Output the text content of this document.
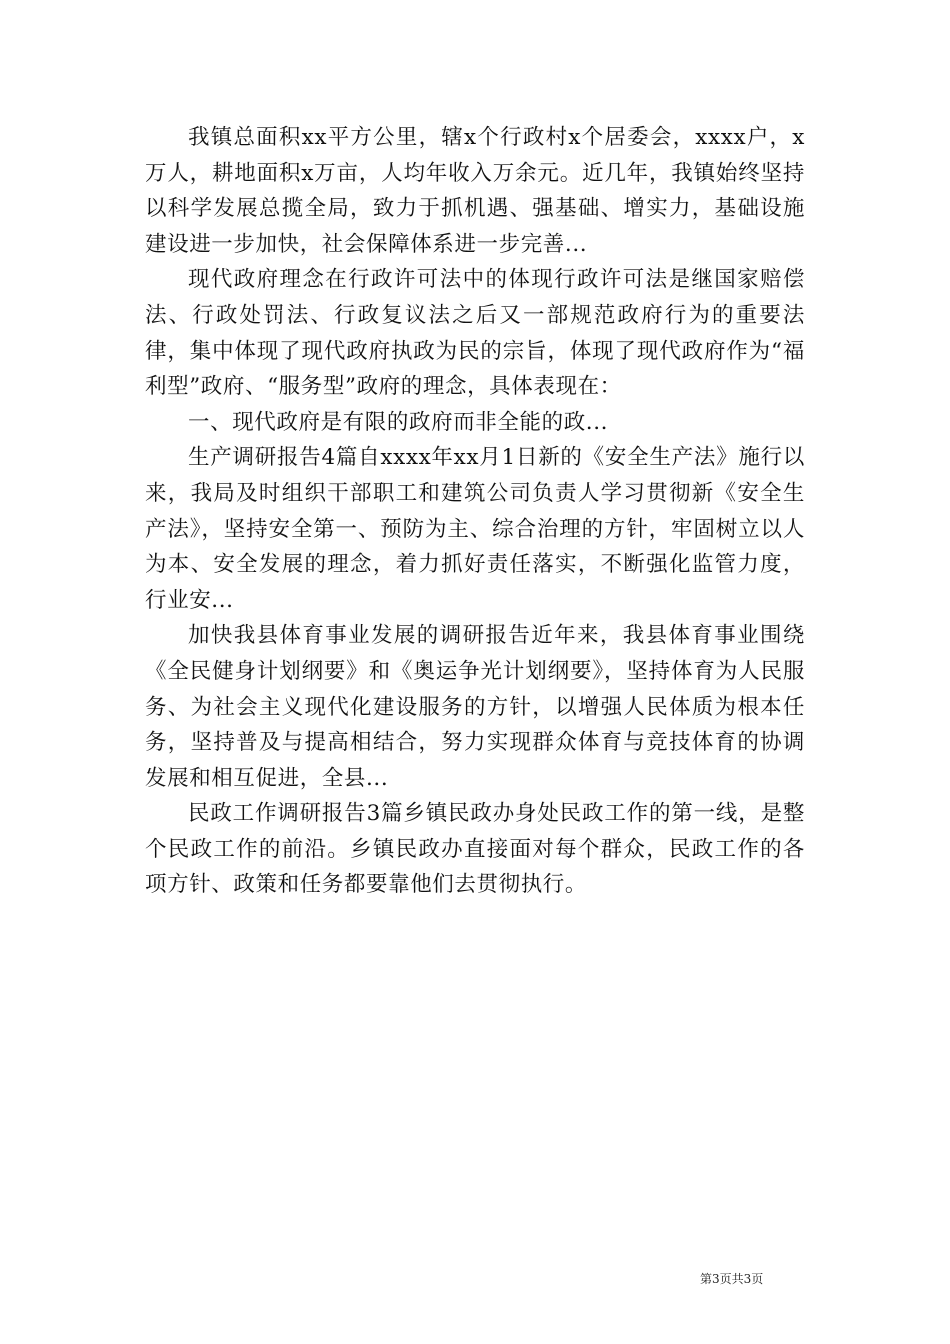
我镇总面积xx平方公里，辖x个行政村x个居委会，xxxx户，x万人，耕地面积x万亩，人均年收入万余元。近几年，我镇始终坚持以科学发展总揽全局，致力于抓机遇、强基础、增实力，基础设施建设进一步加快，社会保障体系进一步完善...

现代政府理念在行政许可法中的体现行政许可法是继国家赔偿法、行政处罚法、行政复议法之后又一部规范政府行为的重要法律，集中体现了现代政府执政为民的宗旨，体现了现代政府作为“福利型”政府、“服务型”政府的理念，具体表现在：

一、现代政府是有限的政府而非全能的政...

生产调研报告4篇自xxxx年xx月1日新的《安全生产法》施行以来，我局及时组织干部职工和建筑公司负责人学习贯彻新《安全生产法》，坚持安全第一、预防为主、综合治理的方针，牢固树立以人为本、安全发展的理念，着力抓好责任落实，不断强化监管力度，行业安...

加快我县体育事业发展的调研报告近年来，我县体育事业围绕《全民健身计划纲要》和《奥运争光计划纲要》，坚持体育为人民服务、为社会主义现代化建设服务的方针，以增强人民体质为根本任务，坚持普及与提高相结合，努力实现群众体育与竞技体育的协调发展和相互促进，全县...

民政工作调研报告3篇乡镇民政办身处民政工作的第一线，是整个民政工作的前沿。乡镇民政办直接面对每个群众，民政工作的各项方针、政策和任务都要靠他们去贯彻执行。

第3页共3页
